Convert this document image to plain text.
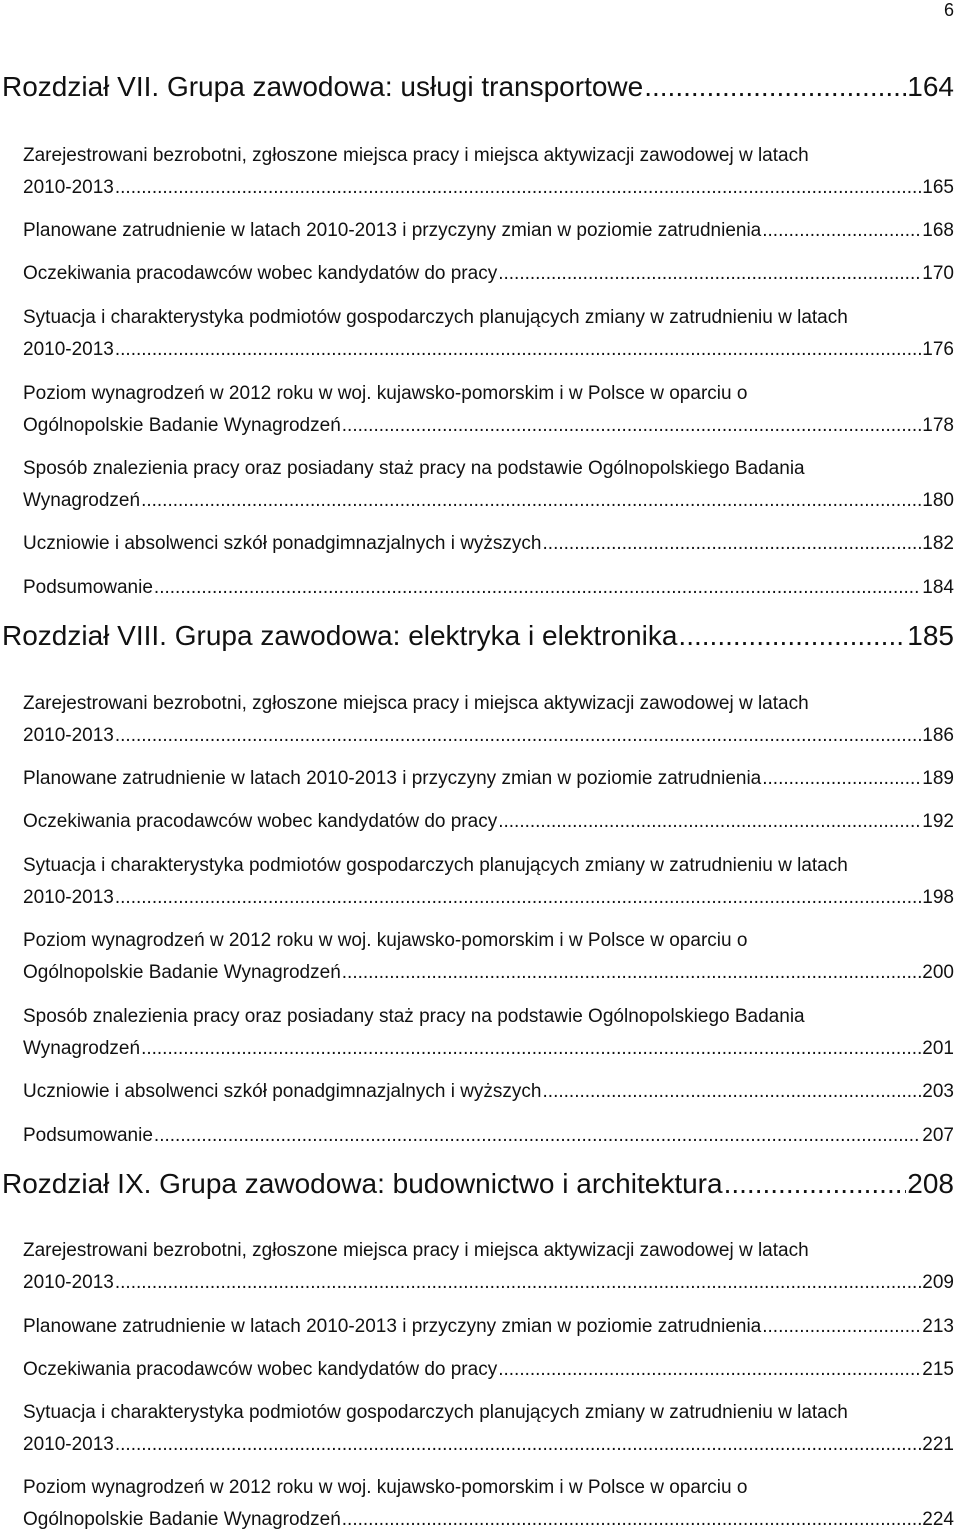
6
Rozdział VII. Grupa zawodowa: usługi transportowe .....	164
Zarejestrowani bezrobotni, zgłoszone miejsca pracy i miejsca aktywizacji zawodowej w latach
2010-2013 .....	165
Planowane zatrudnienie w latach 2010-2013 i przyczyny zmian w poziomie zatrudnienia .....	168
Oczekiwania pracodawców wobec kandydatów do pracy .....	170
Sytuacja i charakterystyka podmiotów gospodarczych planujących zmiany w zatrudnieniu w latach
2010-2013 .....	176
Poziom wynagrodzeń w 2012 roku w woj. kujawsko-pomorskim i w Polsce w oparciu o
Ogólnopolskie Badanie Wynagrodzeń .....	178
Sposób znalezienia pracy oraz posiadany staż pracy na podstawie Ogólnopolskiego Badania
Wynagrodzeń .....	180
Uczniowie i absolwenci szkół ponadgimnazjalnych i wyższych .....	182
Podsumowanie .....	184
Rozdział VIII. Grupa zawodowa: elektryka i elektronika .....	185
Zarejestrowani bezrobotni, zgłoszone miejsca pracy i miejsca aktywizacji zawodowej w latach
2010-2013 .....	186
Planowane zatrudnienie w latach 2010-2013 i przyczyny zmian w poziomie zatrudnienia .....	189
Oczekiwania pracodawców wobec kandydatów do pracy .....	192
Sytuacja i charakterystyka podmiotów gospodarczych planujących zmiany w zatrudnieniu w latach
2010-2013 .....	198
Poziom wynagrodzeń w 2012 roku w woj. kujawsko-pomorskim i w Polsce w oparciu o
Ogólnopolskie Badanie Wynagrodzeń .....	200
Sposób znalezienia pracy oraz posiadany staż pracy na podstawie Ogólnopolskiego Badania
Wynagrodzeń .....	201
Uczniowie i absolwenci szkół ponadgimnazjalnych i wyższych .....	203
Podsumowanie .....	207
Rozdział IX. Grupa zawodowa: budownictwo i architektura .....	208
Zarejestrowani bezrobotni, zgłoszone miejsca pracy i miejsca aktywizacji zawodowej w latach
2010-2013 .....	209
Planowane zatrudnienie w latach 2010-2013 i przyczyny zmian w poziomie zatrudnienia .....	213
Oczekiwania pracodawców wobec kandydatów do pracy .....	215
Sytuacja i charakterystyka podmiotów gospodarczych planujących zmiany w zatrudnieniu w latach
2010-2013 .....	221
Poziom wynagrodzeń w 2012 roku w woj. kujawsko-pomorskim i w Polsce w oparciu o
Ogólnopolskie Badanie Wynagrodzeń .....	224
